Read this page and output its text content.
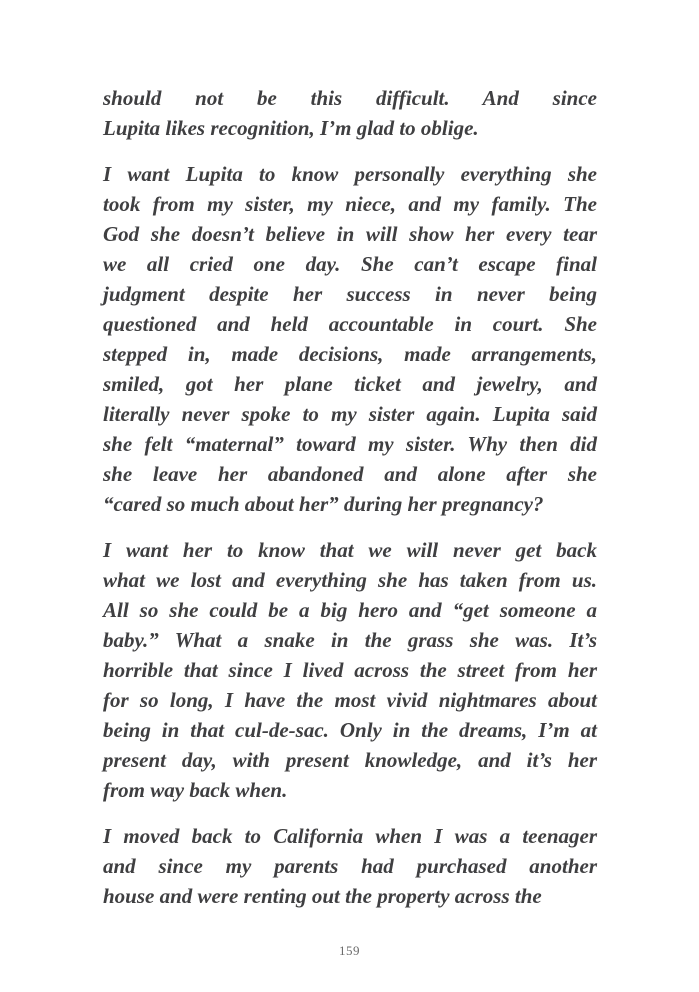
should not be this difficult. And since
Lupita likes recognition, I’m glad to oblige.
I want Lupita to know personally everything she
took from my sister, my niece, and my family. The
God she doesn’t believe in will show her every tear
we all cried one day. She can’t escape final
judgment despite her success in never being
questioned and held accountable in court. She
stepped in, made decisions, made arrangements,
smiled, got her plane ticket and jewelry, and
literally never spoke to my sister again. Lupita said
she felt “maternal” toward my sister. Why then did
she leave her abandoned and alone after she
“cared so much about her” during her pregnancy?
I want her to know that we will never get back
what we lost and everything she has taken from us.
All so she could be a big hero and “get someone a
baby.” What a snake in the grass she was. It’s
horrible that since I lived across the street from her
for so long, I have the most vivid nightmares about
being in that cul-de-sac. Only in the dreams, I’m at
present day, with present knowledge, and it’s her
from way back when.
I moved back to California when I was a teenager
and since my parents had purchased another
house and were renting out the property across the
159
